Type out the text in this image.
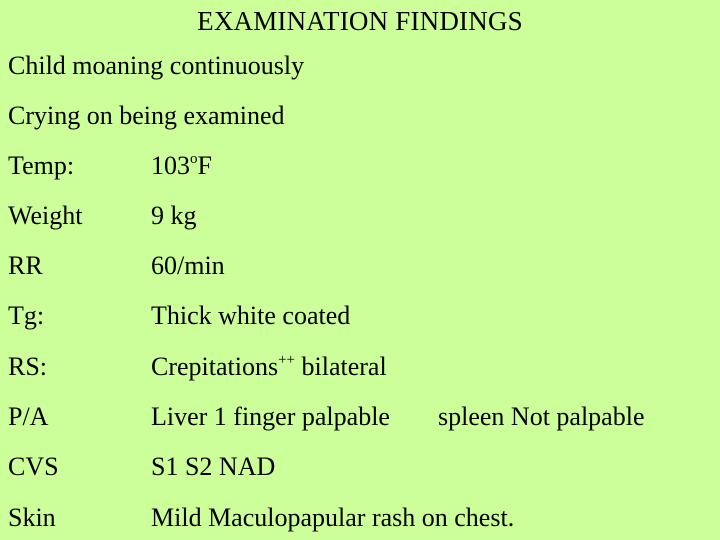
EXAMINATION FINDINGS
Child moaning continuously
Crying on being examined
Temp:	103$^o$F
Weight	9 kg
RR	60/min
Tg:	Thick white coated
RS:	Crepitations++ bilateral
P/A	Liver 1 finger palpable spleen Not palpable
CVS	S1 S2 NAD
Skin	Mild Maculopapular rash on chest.
